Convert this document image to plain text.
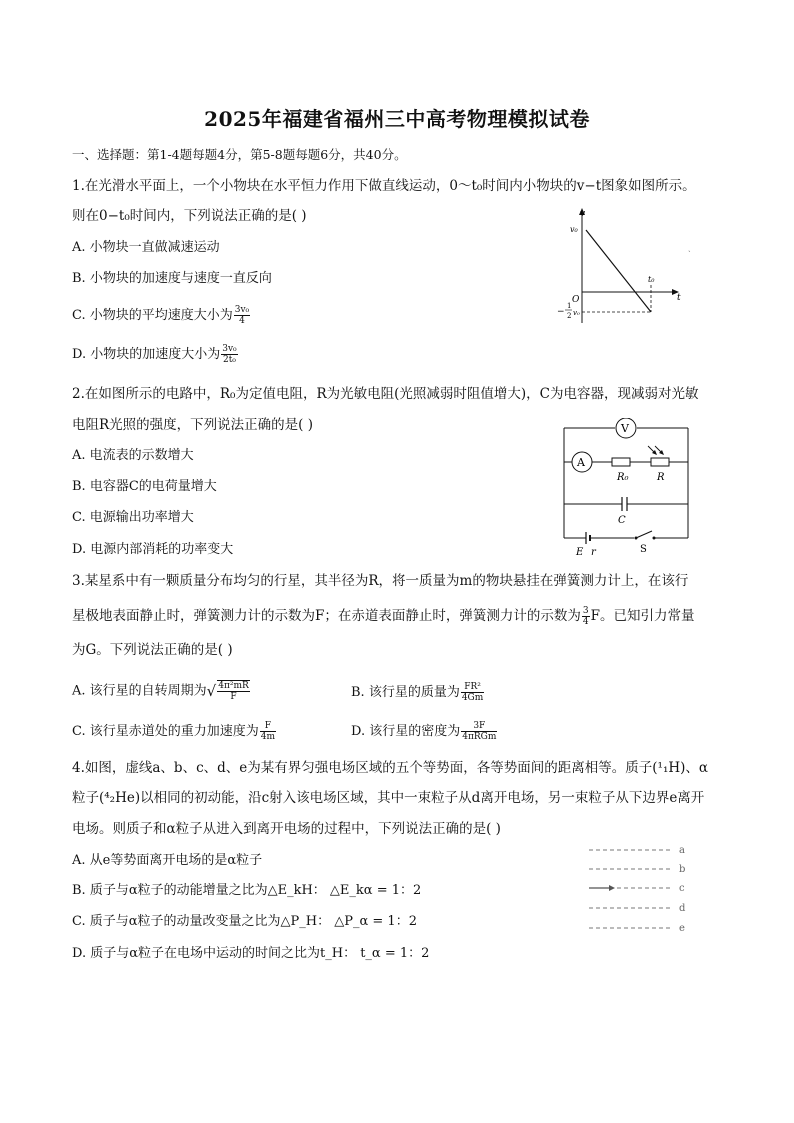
2025年福建省福州三中高考物理模拟试卷
一、选择题：第1-4题每题4分，第5-8题每题6分，共40分。
1.在光滑水平面上，一个小物块在水平恒力作用下做直线运动，0～t₀时间内小物块的v−t图象如图所示。
则在0−t₀时间内，下列说法正确的是( )
A. 小物块一直做减速运动
B. 小物块的加速度与速度一直反向
C. 小物块的平均速度大小为 $\frac{\text{3v₀}}{4}$
D. 小物块的加速度大小为 $\frac{\text{3v₀}}{\text{2t₀}}$
v
v₀
t
t₀
O
−
1
2 v₀
ˎ
2.在如图所示的电路中，R₀为定值电阻，R为光敏电阻(光照减弱时阻值增大)，C为电容器，现减弱对光敏
电阻R光照的强度，下列说法正确的是( )
A. 电流表的示数增大
B. 电容器C的电荷量增大
C. 电源输出功率增大
D. 电源内部消耗的功率变大
V
A
R₀	R
C
E r	S
3.某星系中有一颗质量分布均匀的行星，其半径为R，将一质量为m的物块悬挂在弹簧测力计上，在该行
星极地表面静止时，弹簧测力计的示数为F；在赤道表面静止时，弹簧测力计的示数为 $\frac{3}{4}$ F。已知引力常量
为G。下列说法正确的是( )
A. 该行星的自转周期为√ $\frac{\text{4π²mR}}{F}$	B. 该行星的质量为 $\frac{\text{FR²}}{4Gm}$
C. 该行星赤道处的重力加速度为 $\frac{F}{4m}$	D. 该行星的密度为 $\frac{3F}{\text{4πRGm}}$
4.如图，虚线a、b、c、d、e为某有界匀强电场区域的五个等势面，各等势面间的距离相等。质子(¹₁H)、α
粒子(⁴₂He)以相同的初动能，沿c射入该电场区域，其中一束粒子从d离开电场，另一束粒子从下边界e离开
电场。则质子和α粒子从进入到离开电场的过程中，下列说法正确的是( )
A. 从e等势面离开电场的是α粒子
B. 质子与α粒子的动能增量之比为△E_kH： △E_kα = 1：2
C. 质子与α粒子的动量改变量之比为△P_H： △P_α = 1：2
D. 质子与α粒子在电场中运动的时间之比为t_H： t_α = 1：2
a
b
c
d
e
